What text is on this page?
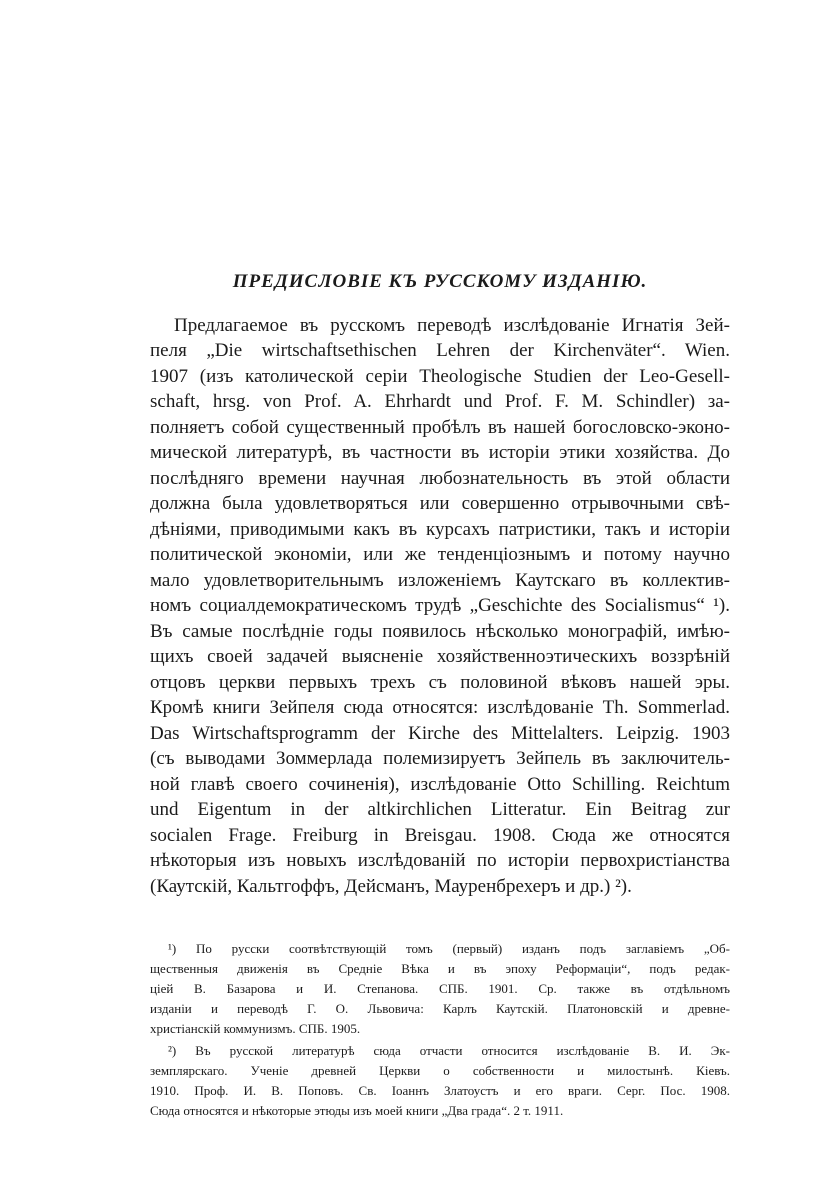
ПРЕДИСЛОВІЕ КЪ РУССКОМУ ИЗДАНІЮ.
Предлагаемое въ русскомъ переводѣ изслѣдованіе Игнатія Зей-
пеля „Die wirtschaftsethischen Lehren der Kirchenväter“. Wien.
1907 (изъ католической серіи Theologische Studien der Leo-Gesell-
schaft, hrsg. von Prof. A. Ehrhardt und Prof. F. M. Schindler) за-
полняетъ собой существенный пробѣлъ въ нашей богословско-эконо-
мической литературѣ, въ частности въ исторіи этики хозяйства. До
послѣдняго времени научная любознательность въ этой области
должна была удовлетворяться или совершенно отрывочными свѣ-
дѣніями, приводимыми какъ въ курсахъ патристики, такъ и исторіи
политической экономіи, или же тенденціознымъ и потому научно
мало удовлетворительнымъ изложеніемъ Каутскаго въ коллектив-
номъ социалдемократическомъ трудѣ „Geschichte des Socialismus“ ¹).
Въ самые послѣдніе годы появилось нѣсколько монографій, имѣю-
щихъ своей задачей выясненіе хозяйственноэтическихъ воззрѣній
отцовъ церкви первыхъ трехъ съ половиной вѣковъ нашей эры.
Кромѣ книги Зейпеля сюда относятся: изслѣдованіе Th. Sommerlad.
Das Wirtschaftsprogramm der Kirche des Mittelalters. Leipzig. 1903
(съ выводами Зоммерлада полемизируетъ Зейпель въ заключитель-
ной главѣ своего сочиненія), изслѣдованіе Otto Schilling. Reichtum
und Eigentum in der altkirchlichen Litteratur. Ein Beitrag zur
socialen Frage. Freiburg in Breisgau. 1908. Сюда же относятся
нѣкоторыя изъ новыхъ изслѣдованій по исторіи первохристіанства
(Каутскій, Кальтгоффъ, Дейсманъ, Мауренбрехеръ и др.) ²).
¹) По русски соотвѣтствующій томъ (первый) изданъ подъ заглавіемъ „Об-
щественныя движенія въ Средніе Вѣка и въ эпоху Реформаціи“, подъ редак-
ціей В. Базарова и И. Степанова. СПБ. 1901. Ср. также въ отдѣльномъ
изданіи и переводѣ Г. О. Львовича: Карлъ Каутскій. Платоновскій и древне-
христіанскій коммунизмъ. СПБ. 1905.
²) Въ русской литературѣ сюда отчасти относится изслѣдованіе В. И. Эк-
земплярскаго. Ученіе древней Церкви о собственности и милостынѣ. Кіевъ.
1910. Проф. И. В. Поповъ. Св. Іоаннъ Златоустъ и его враги. Серг. Пос. 1908.
Сюда относятся и нѣкоторые этюды изъ моей книги „Два града“. 2 т. 1911.
